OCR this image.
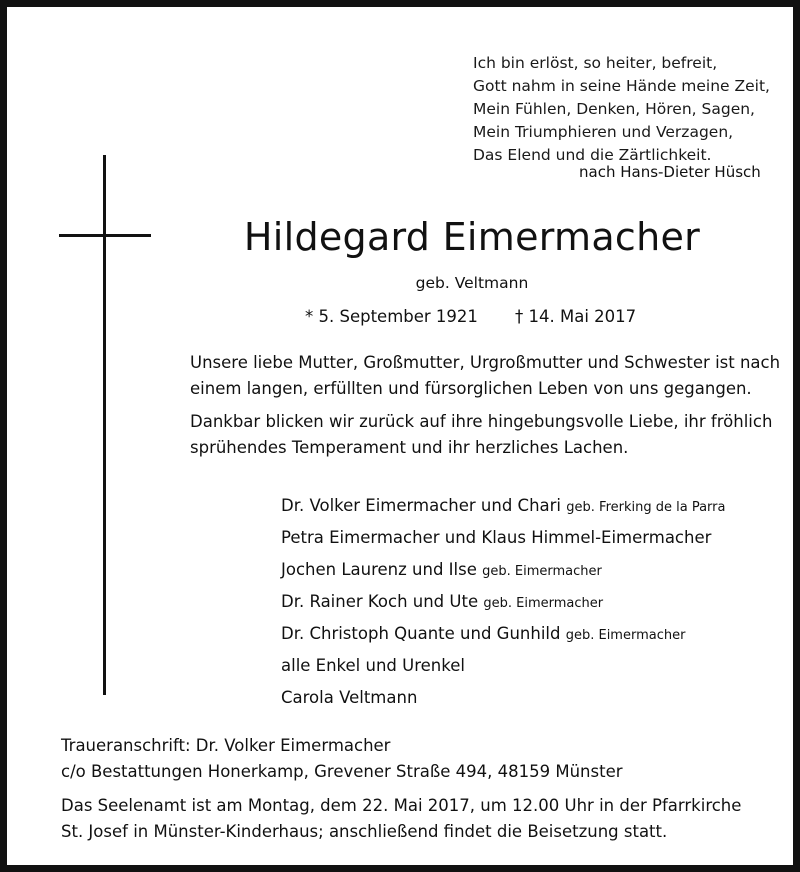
Ich bin erlöst, so heiter, befreit,
Gott nahm in seine Hände meine Zeit,
Mein Fühlen, Denken, Hören, Sagen,
Mein Triumphieren und Verzagen,
Das Elend und die Zärtlichkeit.
nach Hans-Dieter Hüsch
Hildegard Eimermacher
geb. Veltmann
* 5. September 1921 † 14. Mai 2017
Unsere liebe Mutter, Großmutter, Urgroßmutter und Schwester ist nach
einem langen, erfüllten und fürsorglichen Leben von uns gegangen.
Dankbar blicken wir zurück auf ihre hingebungsvolle Liebe, ihr fröhlich
sprühendes Temperament und ihr herzliches Lachen.
Dr. Volker Eimermacher und Chari geb. Frerking de la Parra
Petra Eimermacher und Klaus Himmel-Eimermacher
Jochen Laurenz und Ilse geb. Eimermacher
Dr. Rainer Koch und Ute geb. Eimermacher
Dr. Christoph Quante und Gunhild geb. Eimermacher
alle Enkel und Urenkel
Carola Veltmann
Traueranschrift: Dr. Volker Eimermacher
c/o Bestattungen Honerkamp, Grevener Straße 494, 48159 Münster
Das Seelenamt ist am Montag, dem 22. Mai 2017, um 12.00 Uhr in der Pfarrkirche
St. Josef in Münster-Kinderhaus; anschließend findet die Beisetzung statt.
